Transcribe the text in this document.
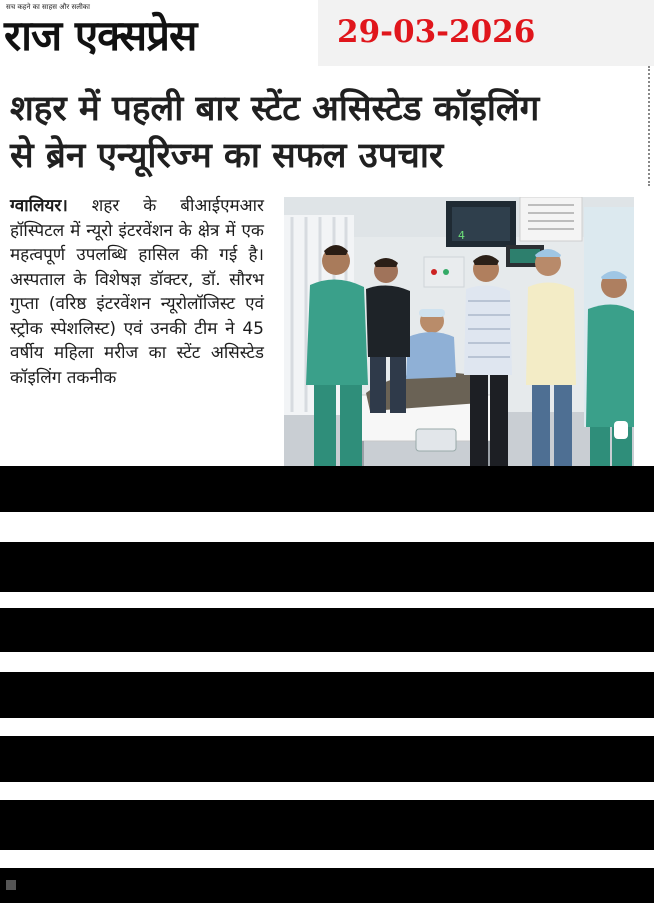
सच कहने का साहस और सलीका
राज एक्सप्रेस	29-03-2026
शहर में पहली बार स्टेंट असिस्टेड कॉइलिंग
से ब्रेन एन्यूरिज्म का सफल उपचार
ग्वालियर। शहर के बीआईएमआर हॉस्पिटल में न्यूरो इंटरवेंशन के क्षेत्र में एक महत्वपूर्ण उपलब्धि हासिल की गई है। अस्पताल के विशेषज्ञ डॉक्टर, डॉ. सौरभ गुप्ता (वरिष्ठ इंटरवेंशन न्यूरोलॉजिस्ट एवं स्ट्रोक स्पेशलिस्ट) एवं उनकी टीम ने 45 वर्षीय महिला मरीज का स्टेंट असिस्टेड कॉइलिंग तकनीक
4
